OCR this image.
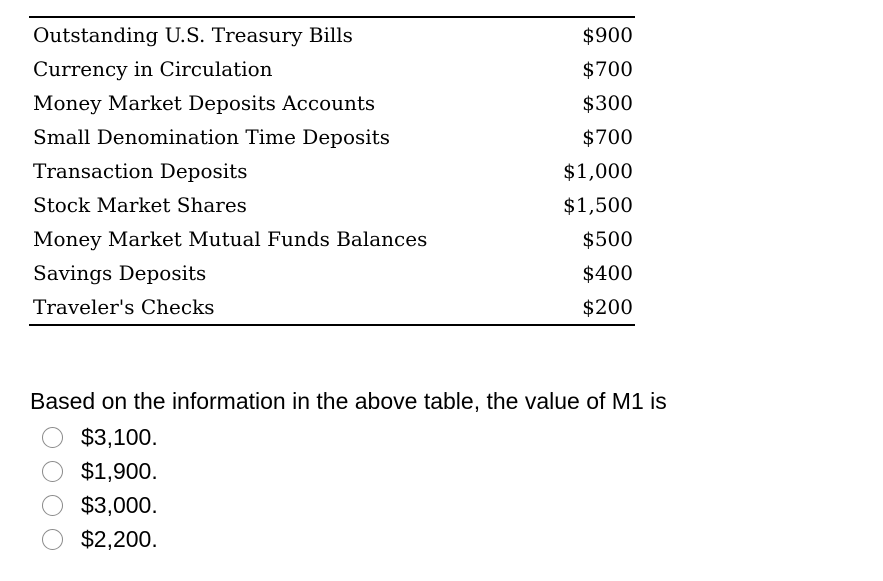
Outstanding U.S. Treasury Bills	$900
Currency in Circulation	$700
Money Market Deposits Accounts	$300
Small Denomination Time Deposits	$700
Transaction Deposits	$1,000
Stock Market Shares	$1,500
Money Market Mutual Funds Balances	$500
Savings Deposits	$400
Traveler's Checks	$200
Based on the information in the above table, the value of M1 is
$3,100.
$1,900.
$3,000.
$2,200.
